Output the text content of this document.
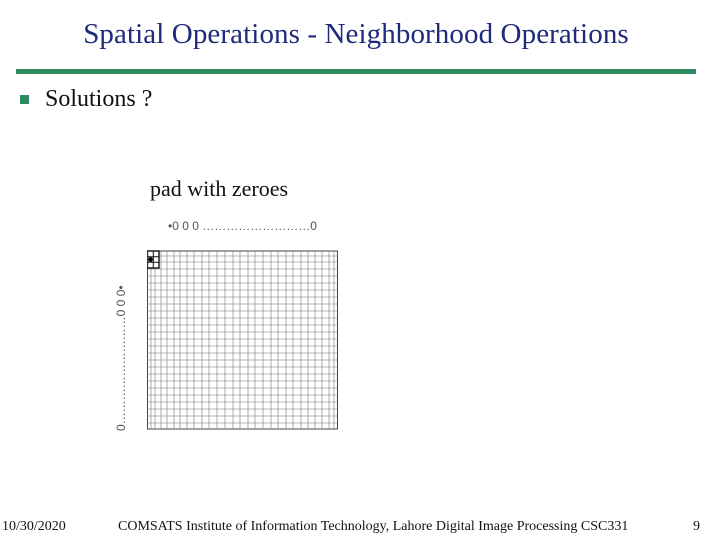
Spatial Operations - Neighborhood Operations
Solutions ?
pad with zeroes
•0 0 0 ………………………0
0………………………0 0 0•
10/30/2020	COMSATS Institute of Information Technology, Lahore Digital Image Processing CSC331	9
